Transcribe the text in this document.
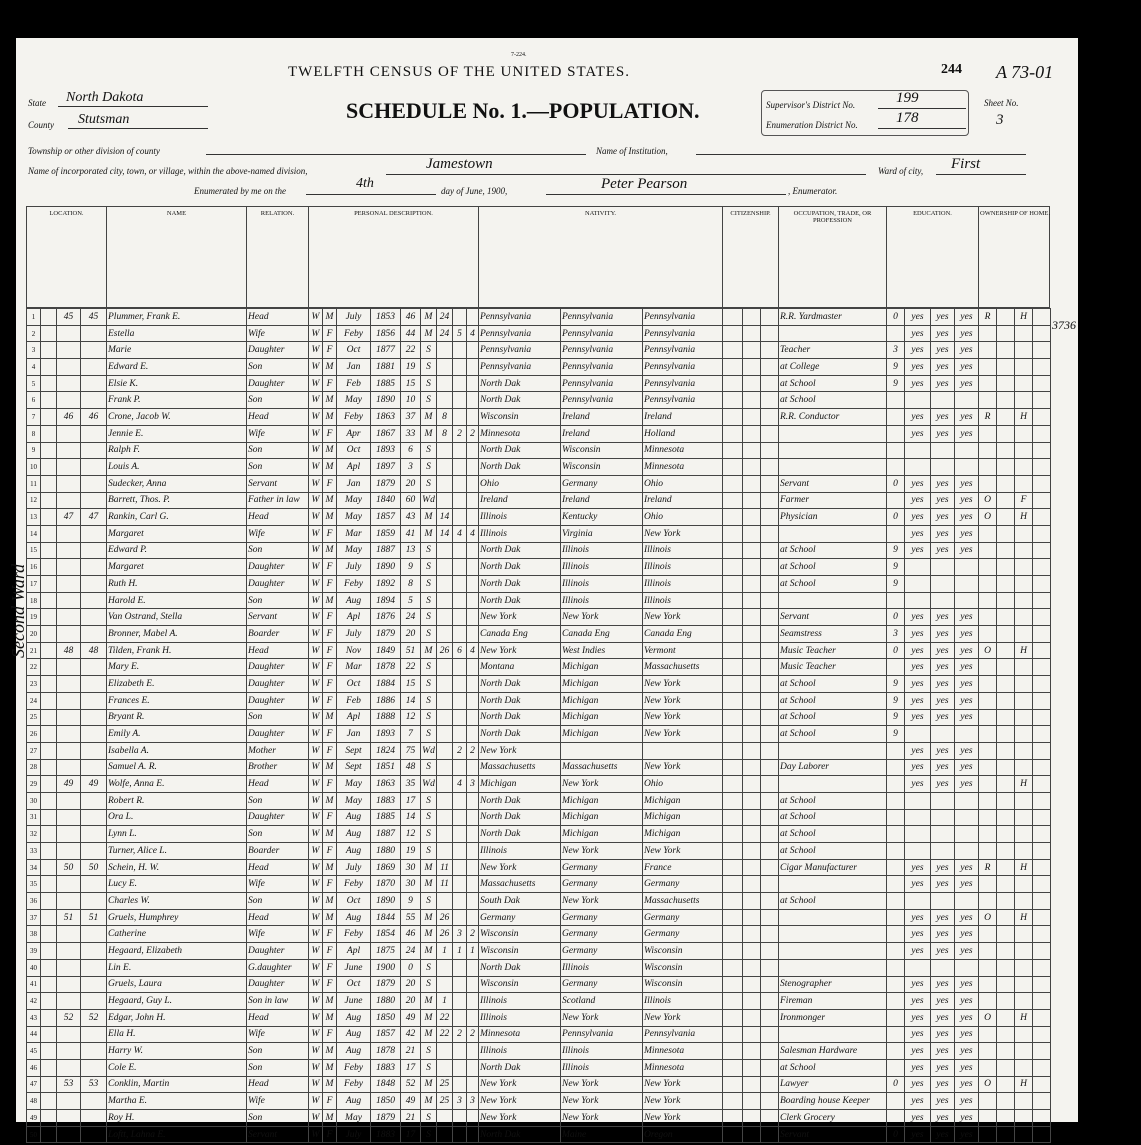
7-224.
TWELFTH CENSUS OF THE UNITED STATES.	244 A 73-01
SCHEDULE No. 1.—POPULATION.
State North Dakota
County Stutsman
Supervisor's District No.	199
Enumeration District No.	178
Sheet No.
3
Township or other division of county	Name of Institution,
Name of incorporated city, town, or village, within the above-named division,	Jamestown	Ward of city, First
Enumerated by me on the	4th	day of June, 1900,	Peter Pearson	, Enumerator.
LOCATION.	NAME	RELATION.	PERSONAL DESCRIPTION.	NATIVITY.	CITIZENSHIP.	OCCUPATION, TRADE, OR PROFESSION
EDUCATION.	OWNERSHIP OF HOME.
1		45	45	Plummer, Frank E.	Head	W	M	July	1853	46	M	24			Pennsylvania	Pennsylvania	Pennsylvania				R.R. Yardmaster	0	yes	yes	yes	R		H	
2				Estella	Wife	W	F	Feby	1856	44	M	24	5	4	Pennsylvania	Pennsylvania	Pennsylvania						yes	yes	yes				
3				Marie	Daughter	W	F	Oct	1877	22	S				Pennsylvania	Pennsylvania	Pennsylvania				Teacher	3	yes	yes	yes				
4				Edward E.	Son	W	M	Jan	1881	19	S				Pennsylvania	Pennsylvania	Pennsylvania				at College	9	yes	yes	yes				
5				Elsie K.	Daughter	W	F	Feb	1885	15	S				North Dak	Pennsylvania	Pennsylvania				at School	9	yes	yes	yes				
6				Frank P.	Son	W	M	May	1890	10	S				North Dak	Pennsylvania	Pennsylvania				at School								
7		46	46	Crone, Jacob W.	Head	W	M	Feby	1863	37	M	8			Wisconsin	Ireland	Ireland				R.R. Conductor		yes	yes	yes	R		H	
8				Jennie E.	Wife	W	F	Apr	1867	33	M	8	2	2	Minnesota	Ireland	Holland						yes	yes	yes				
9				Ralph F.	Son	W	M	Oct	1893	6	S				North Dak	Wisconsin	Minnesota												
10				Louis A.	Son	W	M	Apl	1897	3	S				North Dak	Wisconsin	Minnesota												
11				Sudecker, Anna	Servant	W	F	Jan	1879	20	S				Ohio	Germany	Ohio				Servant	0	yes	yes	yes				
12				Barrett, Thos. P.	Father in law	W	M	May	1840	60	Wd				Ireland	Ireland	Ireland				Farmer		yes	yes	yes	O		F	
13		47	47	Rankin, Carl G.	Head	W	M	May	1857	43	M	14			Illinois	Kentucky	Ohio				Physician	0	yes	yes	yes	O		H	
14				Margaret	Wife	W	F	Mar	1859	41	M	14	4	4	Illinois	Virginia	New York						yes	yes	yes				
15				Edward P.	Son	W	M	May	1887	13	S				North Dak	Illinois	Illinois				at School	9	yes	yes	yes				
16				Margaret	Daughter	W	F	July	1890	9	S				North Dak	Illinois	Illinois				at School	9							
17				Ruth H.	Daughter	W	F	Feby	1892	8	S				North Dak	Illinois	Illinois				at School	9							
18				Harold E.	Son	W	M	Aug	1894	5	S				North Dak	Illinois	Illinois												
19				Van Ostrand, Stella	Servant	W	F	Apl	1876	24	S				New York	New York	New York				Servant	0	yes	yes	yes				
20				Bronner, Mabel A.	Boarder	W	F	July	1879	20	S				Canada Eng	Canada Eng	Canada Eng				Seamstress	3	yes	yes	yes				
21		48	48	Tilden, Frank H.	Head	W	F	Nov	1849	51	M	26	6	4	New York	West Indies	Vermont				Music Teacher	0	yes	yes	yes	O		H	
22				Mary E.	Daughter	W	F	Mar	1878	22	S				Montana	Michigan	Massachusetts				Music Teacher		yes	yes	yes				
23				Elizabeth E.	Daughter	W	F	Oct	1884	15	S				North Dak	Michigan	New York				at School	9	yes	yes	yes				
24				Frances E.	Daughter	W	F	Feb	1886	14	S				North Dak	Michigan	New York				at School	9	yes	yes	yes				
25				Bryant R.	Son	W	M	Apl	1888	12	S				North Dak	Michigan	New York				at School	9	yes	yes	yes				
26				Emily A.	Daughter	W	F	Jan	1893	7	S				North Dak	Michigan	New York				at School	9							
27				Isabella A.	Mother	W	F	Sept	1824	75	Wd		2	2	New York								yes	yes	yes				
28				Samuel A. R.	Brother	W	M	Sept	1851	48	S				Massachusetts	Massachusetts	New York				Day Laborer		yes	yes	yes				
29		49	49	Wolfe, Anna E.	Head	W	F	May	1863	35	Wd		4	3	Michigan	New York	Ohio						yes	yes	yes			H	
30				Robert R.	Son	W	M	May	1883	17	S				North Dak	Michigan	Michigan				at School								
31				Ora L.	Daughter	W	F	Aug	1885	14	S				North Dak	Michigan	Michigan				at School								
32				Lynn L.	Son	W	M	Aug	1887	12	S				North Dak	Michigan	Michigan				at School								
33				Turner, Alice L.	Boarder	W	F	Aug	1880	19	S				Illinois	New York	New York				at School								
34		50	50	Schein, H. W.	Head	W	M	July	1869	30	M	11			New York	Germany	France				Cigar Manufacturer		yes	yes	yes	R		H	
35				Lucy E.	Wife	W	F	Feby	1870	30	M	11			Massachusetts	Germany	Germany						yes	yes	yes				
36				Charles W.	Son	W	M	Oct	1890	9	S				South Dak	New York	Massachusetts				at School								
37		51	51	Gruels, Humphrey	Head	W	M	Aug	1844	55	M	26			Germany	Germany	Germany						yes	yes	yes	O		H	
38				Catherine	Wife	W	F	Feby	1854	46	M	26	3	2	Wisconsin	Germany	Germany						yes	yes	yes				
39				Hegaard, Elizabeth	Daughter	W	F	Apl	1875	24	M	1	1	1	Wisconsin	Germany	Wisconsin						yes	yes	yes				
40				Lin E.	G.daughter	W	F	June	1900	0	S				North Dak	Illinois	Wisconsin												
41				Gruels, Laura	Daughter	W	F	Oct	1879	20	S				Wisconsin	Germany	Wisconsin				Stenographer		yes	yes	yes				
42				Hegaard, Guy L.	Son in law	W	M	June	1880	20	M	1			Illinois	Scotland	Illinois				Fireman		yes	yes	yes				
43		52	52	Edgar, John H.	Head	W	M	Aug	1850	49	M	22			Illinois	New York	New York				Ironmonger		yes	yes	yes	O		H	
44				Ella H.	Wife	W	F	Aug	1857	42	M	22	2	2	Minnesota	Pennsylvania	Pennsylvania						yes	yes	yes				
45				Harry W.	Son	W	M	Aug	1878	21	S				Illinois	Illinois	Minnesota				Salesman Hardware		yes	yes	yes				
46				Cole E.	Son	W	M	Feby	1883	17	S				North Dak	Illinois	Minnesota				at School		yes	yes	yes				
47		53	53	Conklin, Martin	Head	W	M	Feby	1848	52	M	25			New York	New York	New York				Lawyer	0	yes	yes	yes	O		H	
48				Martha E.	Wife	W	F	Aug	1850	49	M	25	3	3	New York	New York	New York				Boarding house Keeper		yes	yes	yes				
49				Roy H.	Son	W	M	May	1879	21	S				New York	New York	New York				Clerk Grocery		yes	yes	yes				
50				Loftt, Lahna E.	Servant	W	F	July	1883	17	S				North Dak	Maine	Oregon				Servant	0	yes	yes	yes				
Second Ward
3736
